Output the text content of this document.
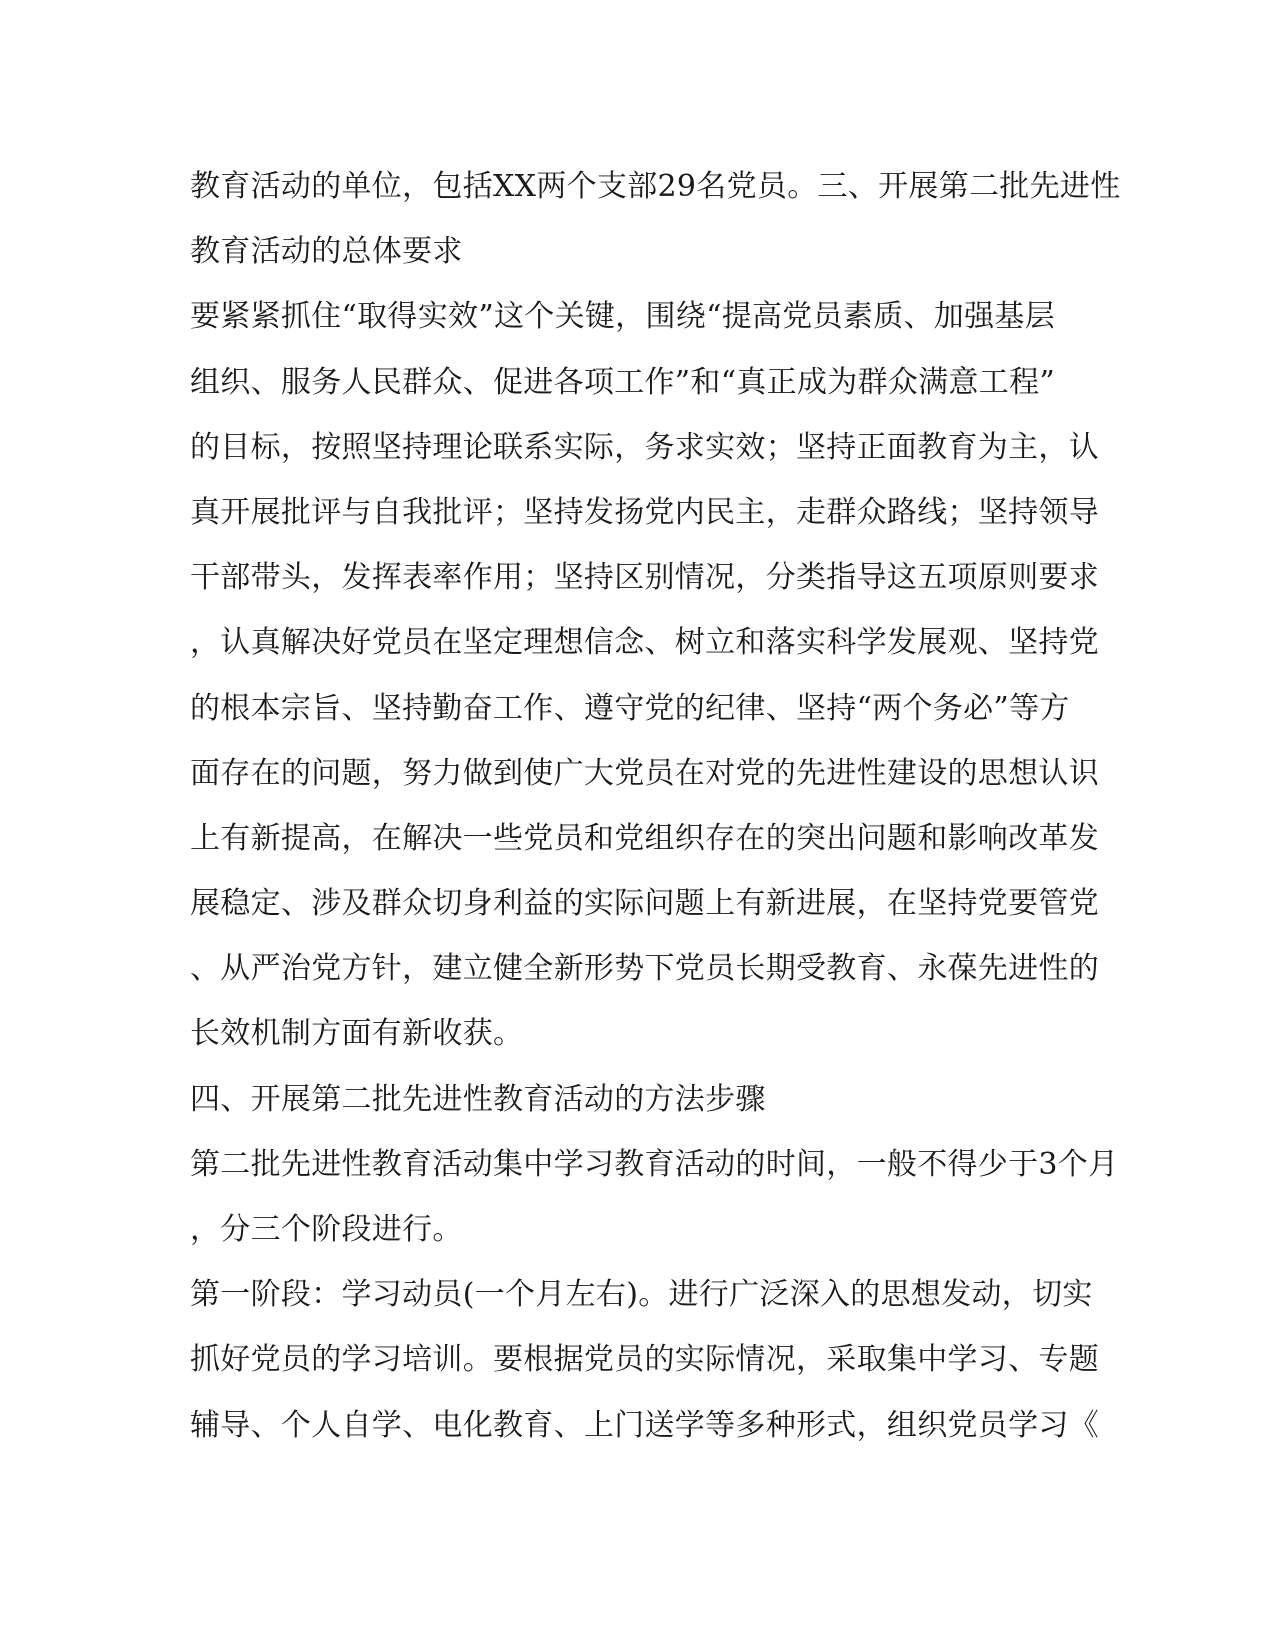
教育活动的单位，包括XX两个支部29名党员。三、开展第二批先进性
教育活动的总体要求
要紧紧抓住“取得实效”这个关键，围绕“提高党员素质、加强基层
组织、服务人民群众、促进各项工作”和“真正成为群众满意工程”
的目标，按照坚持理论联系实际，务求实效；坚持正面教育为主，认
真开展批评与自我批评；坚持发扬党内民主，走群众路线；坚持领导
干部带头，发挥表率作用；坚持区别情况，分类指导这五项原则要求
，认真解决好党员在坚定理想信念、树立和落实科学发展观、坚持党
的根本宗旨、坚持勤奋工作、遵守党的纪律、坚持“两个务必”等方
面存在的问题，努力做到使广大党员在对党的先进性建设的思想认识
上有新提高，在解决一些党员和党组织存在的突出问题和影响改革发
展稳定、涉及群众切身利益的实际问题上有新进展，在坚持党要管党
、从严治党方针，建立健全新形势下党员长期受教育、永葆先进性的
长效机制方面有新收获。
四、开展第二批先进性教育活动的方法步骤
第二批先进性教育活动集中学习教育活动的时间，一般不得少于3个月
，分三个阶段进行。
第一阶段：学习动员(一个月左右)。进行广泛深入的思想发动，切实
抓好党员的学习培训。要根据党员的实际情况，采取集中学习、专题
辅导、个人自学、电化教育、上门送学等多种形式，组织党员学习《
